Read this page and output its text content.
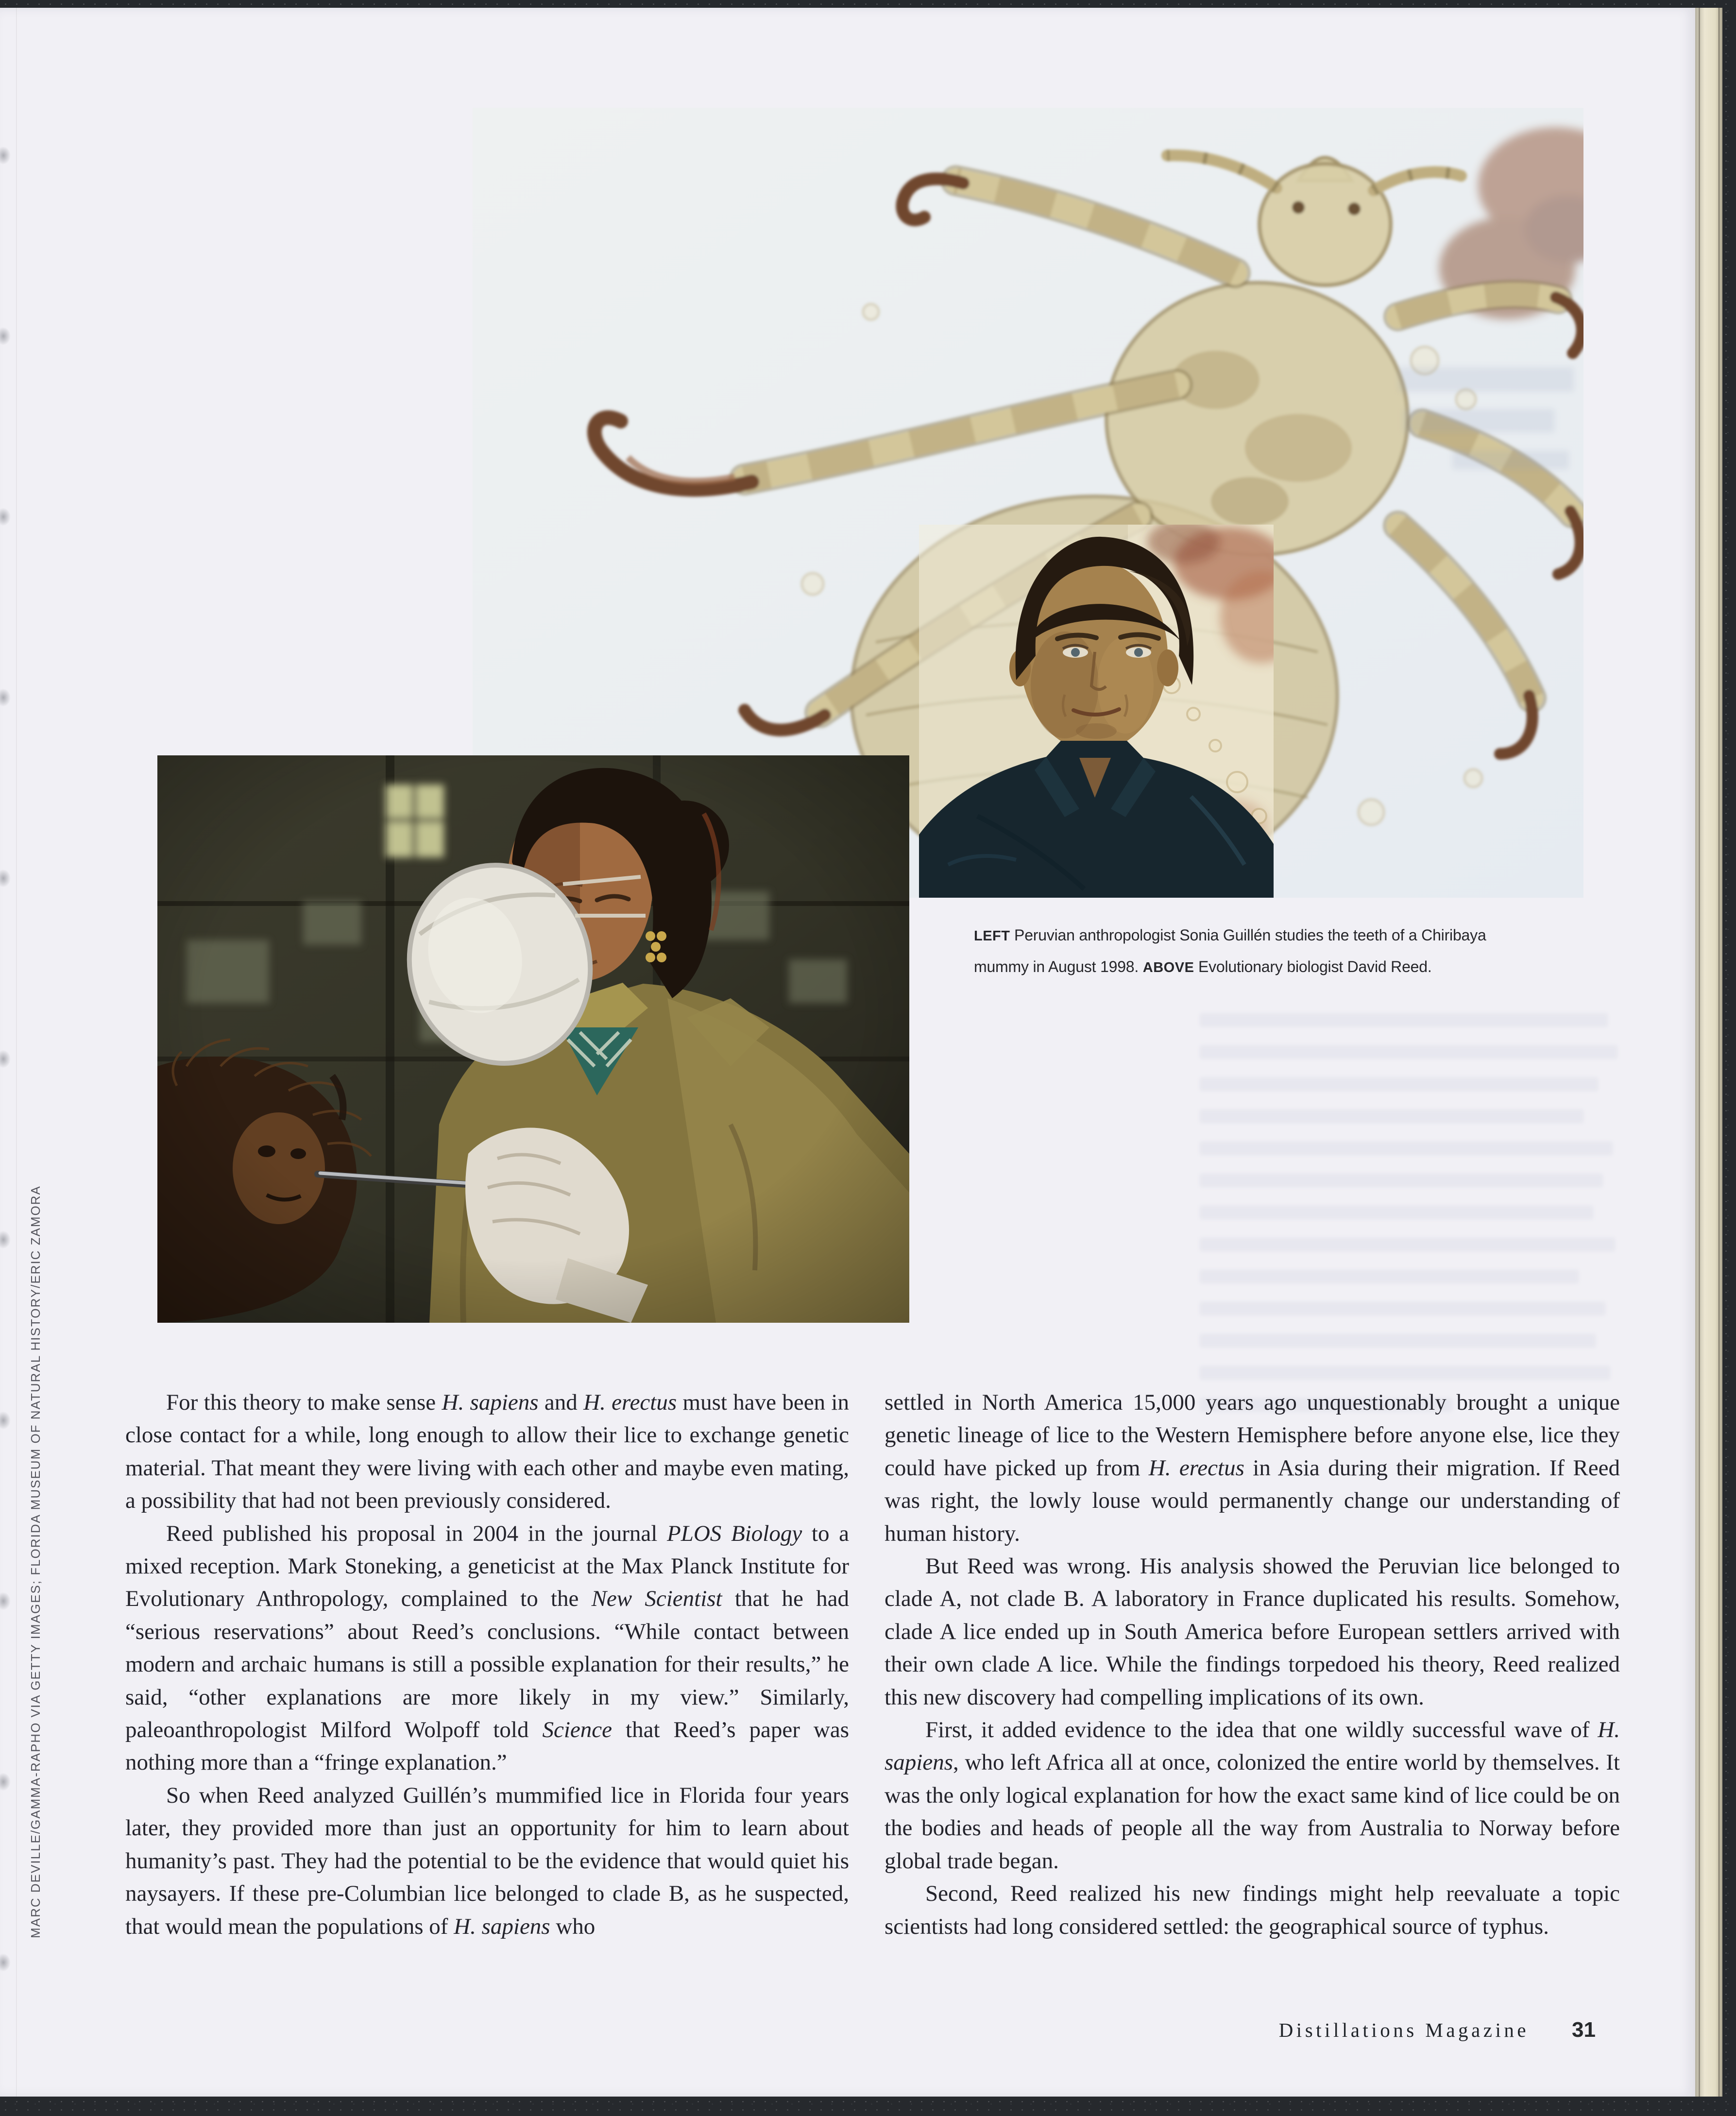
LEFT Peruvian anthropologist Sonia Guillén studies the teeth of a Chiribaya
mummy in August 1998. ABOVE Evolutionary biologist David Reed.

For this theory to make sense H. sapiens and H. erectus must have been in close contact for a while, long enough to allow their lice to exchange genetic material. That meant they were living with each other and maybe even mating, a possibility that had not been previously considered.

Reed published his proposal in 2004 in the journal PLOS Biology to a mixed reception. Mark Stoneking, a geneticist at the Max Planck Institute for Evolutionary Anthropology, complained to the New Scientist that he had “serious reservations” about Reed’s conclusions. “While contact between modern and archaic humans is still a possible explanation for their results,” he said, “other explanations are more likely in my view.” Similarly, paleoanthropologist Milford Wolpoff told Science that Reed’s paper was nothing more than a “fringe explanation.”

So when Reed analyzed Guillén’s mummified lice in Florida four years later, they provided more than just an opportunity for him to learn about humanity’s past. They had the potential to be the evidence that would quiet his naysayers. If these pre-Columbian lice belonged to clade B, as he suspected, that would mean the populations of H. sapiens who

settled in North America 15,000 years ago unquestionably brought a unique genetic lineage of lice to the Western Hemisphere before anyone else, lice they could have picked up from H. erectus in Asia during their migration. If Reed was right, the lowly louse would permanently change our understanding of human history.

But Reed was wrong. His analysis showed the Peruvian lice belonged to clade A, not clade B. A laboratory in France duplicated his results. Somehow, clade A lice ended up in South America before European settlers arrived with their own clade A lice. While the findings torpedoed his theory, Reed realized this new discovery had compelling implications of its own.

First, it added evidence to the idea that one wildly successful wave of H. sapiens, who left Africa all at once, colonized the entire world by themselves. It was the only logical explanation for how the exact same kind of lice could be on the bodies and heads of people all the way from Australia to Norway before global trade began.

Second, Reed realized his new findings might help reevaluate a topic scientists had long considered settled: the geographical source of typhus.

Distillations Magazine 31
MARC DEVILLE/GAMMA-RAPHO VIA GETTY IMAGES; FLORIDA MUSEUM OF NATURAL HISTORY/ERIC ZAMORA
